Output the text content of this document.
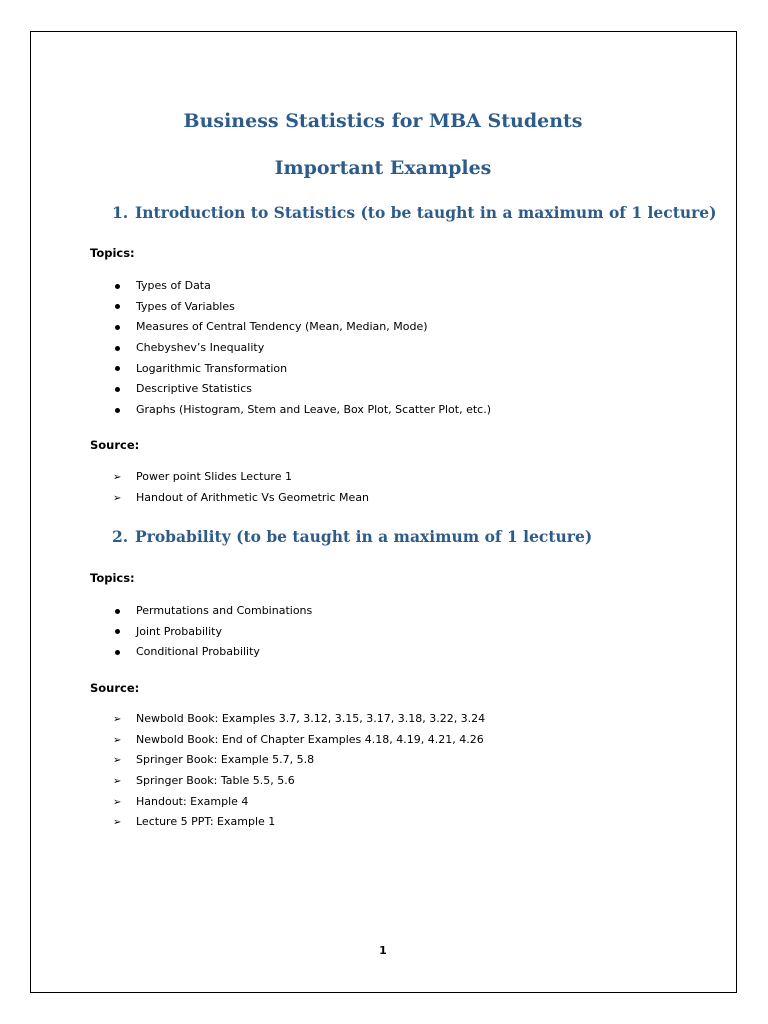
Business Statistics for MBA Students
Important Examples
1. Introduction to Statistics (to be taught in a maximum of 1 lecture)

Topics:

Types of Data
Types of Variables
Measures of Central Tendency (Mean, Median, Mode)
Chebyshev’s Inequality
Logarithmic Transformation
Descriptive Statistics
Graphs (Histogram, Stem and Leave, Box Plot, Scatter Plot, etc.)

Source:

➢ Power point Slides Lecture 1
➢ Handout of Arithmetic Vs Geometric Mean
2. Probability (to be taught in a maximum of 1 lecture)

Topics:

Permutations and Combinations
Joint Probability
Conditional Probability

Source:

➢ Newbold Book: Examples 3.7, 3.12, 3.15, 3.17, 3.18, 3.22, 3.24
➢ Newbold Book: End of Chapter Examples 4.18, 4.19, 4.21, 4.26
➢ Springer Book: Example 5.7, 5.8
➢ Springer Book: Table 5.5, 5.6
➢ Handout: Example 4
➢ Lecture 5 PPT: Example 1

1
